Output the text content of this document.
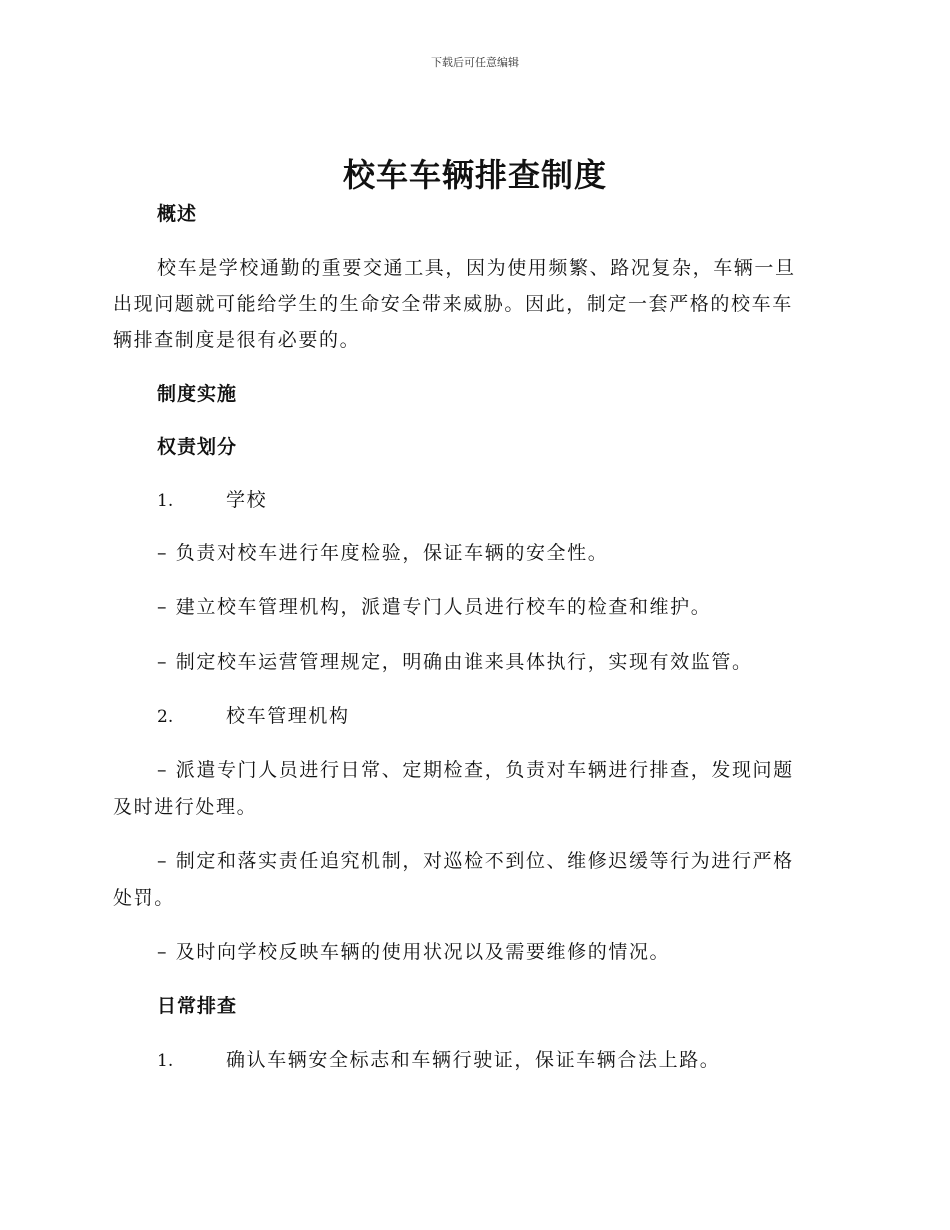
下载后可任意编辑
校车车辆排查制度
概述
校车是学校通勤的重要交通工具，因为使用频繁、路况复杂，车辆一旦
出现问题就可能给学生的生命安全带来威胁。因此，制定一套严格的校车车
辆排查制度是很有必要的。
制度实施
权责划分
1.	学校
– 负责对校车进行年度检验，保证车辆的安全性。
– 建立校车管理机构，派遣专门人员进行校车的检查和维护。
– 制定校车运营管理规定，明确由谁来具体执行，实现有效监管。
2.	校车管理机构
– 派遣专门人员进行日常、定期检查，负责对车辆进行排查，发现问题
及时进行处理。
– 制定和落实责任追究机制，对巡检不到位、维修迟缓等行为进行严格
处罚。
– 及时向学校反映车辆的使用状况以及需要维修的情况。
日常排查
1.	确认车辆安全标志和车辆行驶证，保证车辆合法上路。
